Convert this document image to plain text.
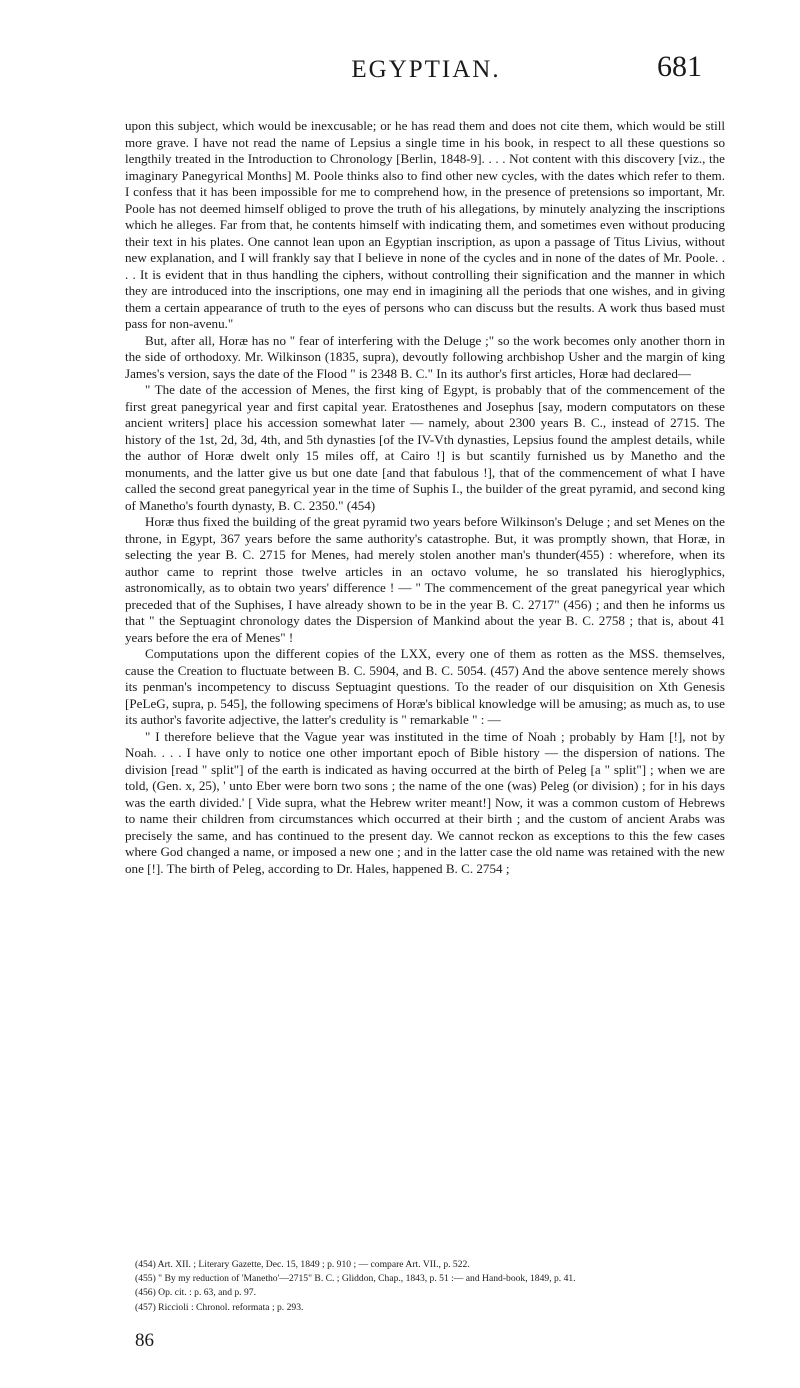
EGYPTIAN.	681

upon this subject, which would be inexcusable; or he has read them and does not cite them, which would be still more grave. I have not read the name of Lepsius a single time in his book, in respect to all these questions so lengthily treated in the Introduction to Chronology [Berlin, 1848-9]. . . . Not content with this discovery [viz., the imaginary Panegyrical Months] M. Poole thinks also to find other new cycles, with the dates which refer to them. I confess that it has been impossible for me to comprehend how, in the presence of pretensions so important, Mr. Poole has not deemed himself obliged to prove the truth of his allegations, by minutely analyzing the inscriptions which he alleges. Far from that, he contents himself with indicating them, and sometimes even without producing their text in his plates. One cannot lean upon an Egyptian inscription, as upon a passage of Titus Livius, without new explanation, and I will frankly say that I believe in none of the cycles and in none of the dates of Mr. Poole. . . . It is evident that in thus handling the ciphers, without controlling their signification and the manner in which they are introduced into the inscriptions, one may end in imagining all the periods that one wishes, and in giving them a certain appearance of truth to the eyes of persons who can discuss but the results. A work thus based must pass for non-avenu."

But, after all, Horæ has no " fear of interfering with the Deluge ;" so the work becomes only another thorn in the side of orthodoxy. Mr. Wilkinson (1835, supra), devoutly following archbishop Usher and the margin of king James's version, says the date of the Flood " is 2348 B. C." In its author's first articles, Horæ had declared—

" The date of the accession of Menes, the first king of Egypt, is probably that of the commencement of the first great panegyrical year and first capital year. Eratosthenes and Josephus [say, modern computators on these ancient writers] place his accession somewhat later — namely, about 2300 years B. C., instead of 2715. The history of the 1st, 2d, 3d, 4th, and 5th dynasties [of the IV-Vth dynasties, Lepsius found the amplest details, while the author of Horæ dwelt only 15 miles off, at Cairo !] is but scantily furnished us by Manetho and the monuments, and the latter give us but one date [and that fabulous !], that of the commencement of what I have called the second great panegyrical year in the time of Suphis I., the builder of the great pyramid, and second king of Manetho's fourth dynasty, B. C. 2350." (454)

Horæ thus fixed the building of the great pyramid two years before Wilkinson's Deluge ; and set Menes on the throne, in Egypt, 367 years before the same authority's catastrophe. But, it was promptly shown, that Horæ, in selecting the year B. C. 2715 for Menes, had merely stolen another man's thunder(455) : wherefore, when its author came to reprint those twelve articles in an octavo volume, he so translated his hieroglyphics, astronomically, as to obtain two years' difference ! — " The commencement of the great panegyrical year which preceded that of the Suphises, I have already shown to be in the year B. C. 2717" (456) ; and then he informs us that " the Septuagint chronology dates the Dispersion of Mankind about the year B. C. 2758 ; that is, about 41 years before the era of Menes" !

Computations upon the different copies of the LXX, every one of them as rotten as the MSS. themselves, cause the Creation to fluctuate between B. C. 5904, and B. C. 5054. (457) And the above sentence merely shows its penman's incompetency to discuss Septuagint questions. To the reader of our disquisition on Xth Genesis [PeLeG, supra, p. 545], the following specimens of Horæ's biblical knowledge will be amusing; as much as, to use its author's favorite adjective, the latter's credulity is " remarkable " : —

" I therefore believe that the Vague year was instituted in the time of Noah ; probably by Ham [!], not by Noah. . . . I have only to notice one other important epoch of Bible history — the dispersion of nations. The division [read " split"] of the earth is indicated as having occurred at the birth of Peleg [a " split"] ; when we are told, (Gen. x, 25), ' unto Eber were born two sons ; the name of the one (was) Peleg (or division) ; for in his days was the earth divided.' [ Vide supra, what the Hebrew writer meant!] Now, it was a common custom of Hebrews to name their children from circumstances which occurred at their birth ; and the custom of ancient Arabs was precisely the same, and has continued to the present day. We cannot reckon as exceptions to this the few cases where God changed a name, or imposed a new one ; and in the latter case the old name was retained with the new one [!]. The birth of Peleg, according to Dr. Hales, happened B. C. 2754 ;

(454) Art. XII. ; Literary Gazette, Dec. 15, 1849 ; p. 910 ; — compare Art. VII., p. 522.
(455) " By my reduction of 'Manetho'—2715" B. C. ; Gliddon, Chap., 1843, p. 51 :— and Hand-book, 1849, p. 41.
(456) Op. cit. : p. 63, and p. 97.
(457) Riccioli : Chronol. reformata ; p. 293.
86
